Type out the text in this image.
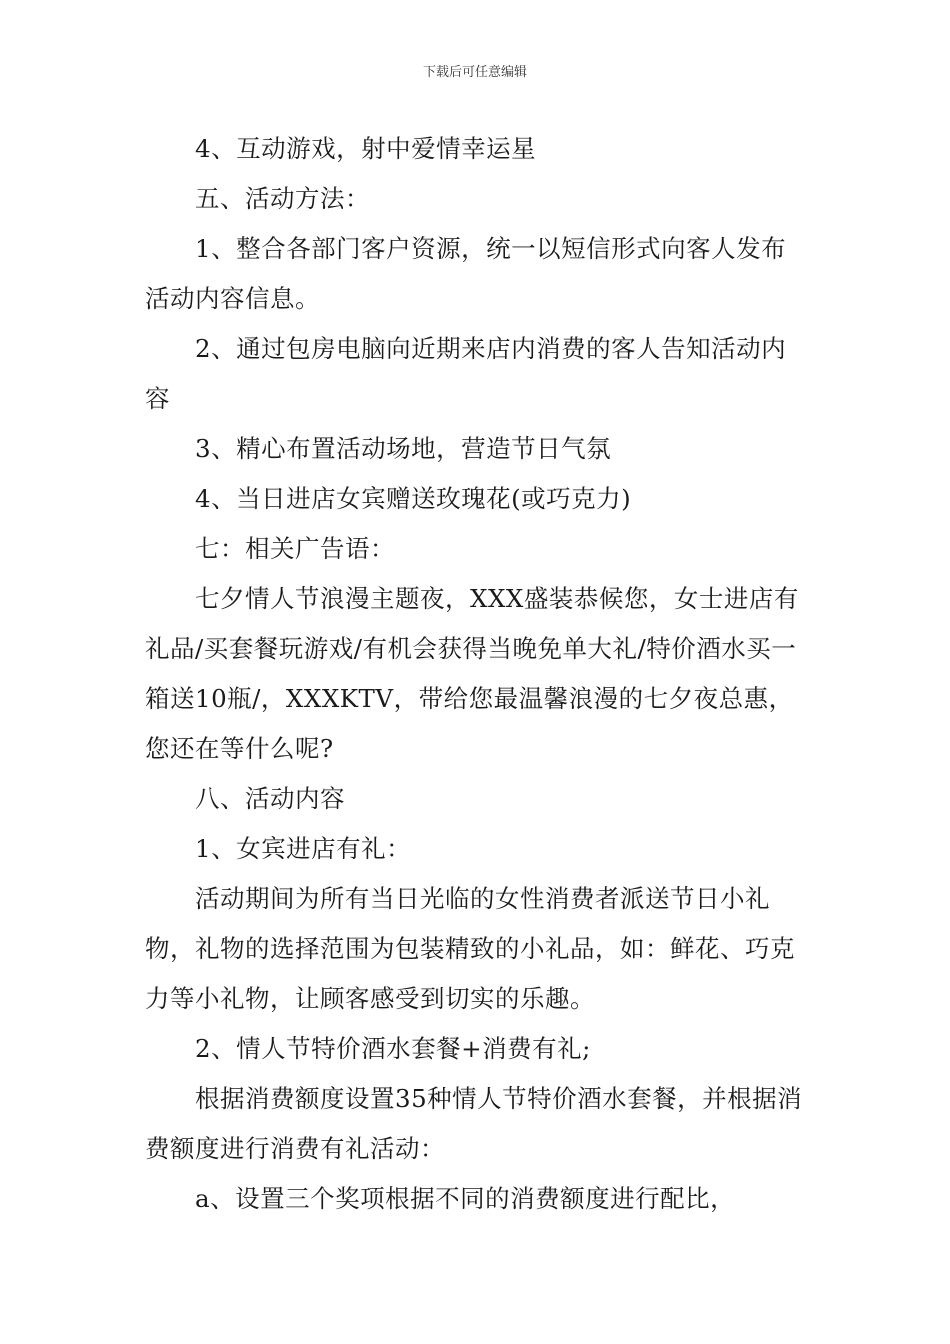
下载后可任意编辑

4、互动游戏，射中爱情幸运星

五、活动方法：

1、整合各部门客户资源，统一以短信形式向客人发布活动内容信息。

2、通过包房电脑向近期来店内消费的客人告知活动内容

3、精心布置活动场地，营造节日气氛

4、当日进店女宾赠送玫瑰花(或巧克力)

七：相关广告语：

七夕情人节浪漫主题夜，XXX盛装恭候您，女士进店有礼品/买套餐玩游戏/有机会获得当晚免单大礼/特价酒水买一箱送10瓶/，XXXKTV，带给您最温馨浪漫的七夕夜总惠，您还在等什么呢?

八、活动内容

1、女宾进店有礼：

活动期间为所有当日光临的女性消费者派送节日小礼物，礼物的选择范围为包装精致的小礼品，如：鲜花、巧克力等小礼物，让顾客感受到切实的乐趣。

2、情人节特价酒水套餐+消费有礼;

根据消费额度设置35种情人节特价酒水套餐，并根据消费额度进行消费有礼活动：

a、设置三个奖项根据不同的消费额度进行配比，
